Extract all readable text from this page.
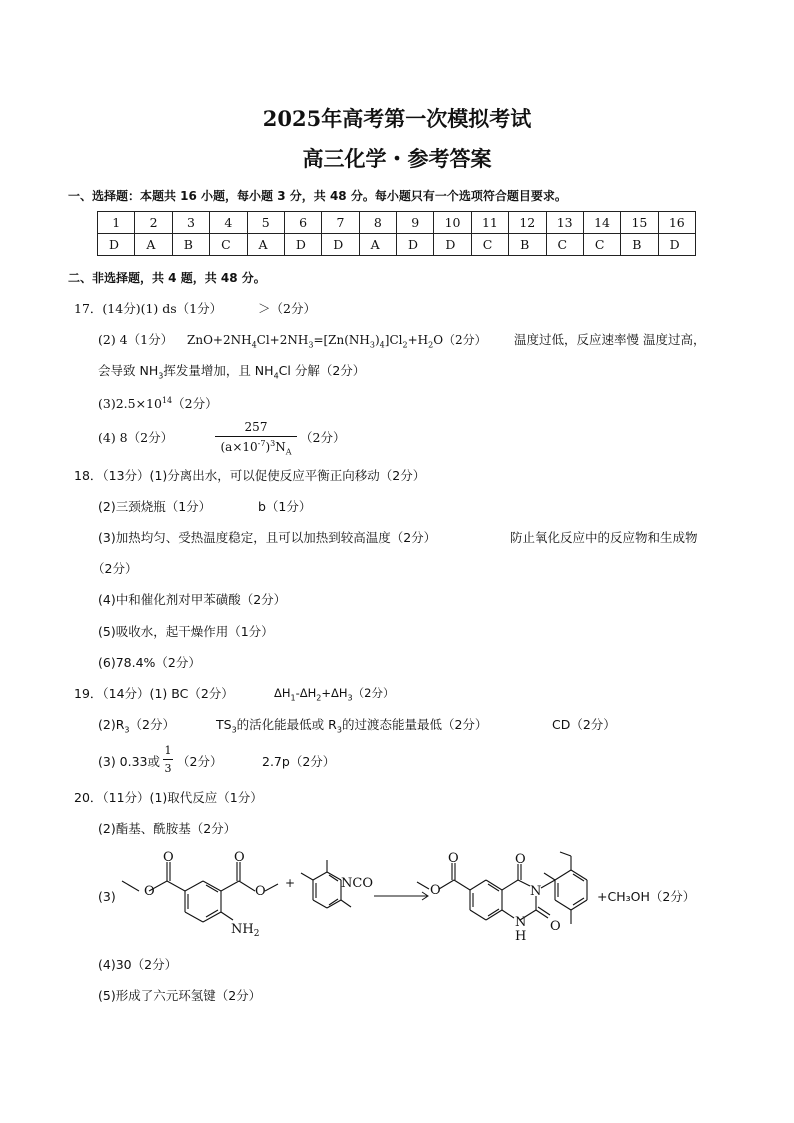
2025年高考第一次模拟考试
高三化学・参考答案
一、选择题：本题共 16 小题，每小题 3 分，共 48 分。每小题只有一个选项符合题目要求。
1	2	3	4	5	6	7	8	9	10	11	12	13	14	15	16
D	A	B	C	A	D	D	A	D	D	C	B	C	C	B	D
二、非选择题，共 4 题，共 48 分。
17．(14分)(1) ds（1分）	＞（2分）
(2) 4（1分） $ZnO+2NH_4Cl+2NH_3=[Zn(NH_3)_4]Cl_2+H_2O(2$分） 温度过低，反应速率慢 温度过高，
会导致 $NH_3$挥发量增加，且 $NH_4Cl$ 分解（2分）
$(3)2.5\times 10^{14}(2$分）
(4) 8（2分）
257
$(a\times 10^{-7})^3N_A$
（2分）
18．（13分）(1)分离出水，可以促使反应平衡正向移动（2分）
(2)三颈烧瓶（1分）	b（1分）
(3)加热均匀、受热温度稳定，且可以加热到较高温度（2分）	防止氧化反应中的反应物和生成物
（2分）
(4)中和催化剂对甲苯磺酸（2分）
(5)吸收水，起干燥作用（1分）
(6)78.4%（2分）
19．（14分）(1) BC（2分）	$\Delta H_1-\Delta H_2+\Delta H_3(2$分）
$(2)R_3(2$分）	$TS_3$的活化能最低或 $R_3$的过渡态能量最低（2分）	CD（2分）
(3) 0.33或
1
3 （2分）	2.7p（2分）
20．（11分）(1)取代反应（1分）
(2)酯基、酰胺基（2分）
(3)
O
O
O
O
$NH_2$
+	NCO	O
O	O
N
N
H
O
+CH₃OH（2分）
(4)30（2分）
(5)形成了六元环氢键（2分）
